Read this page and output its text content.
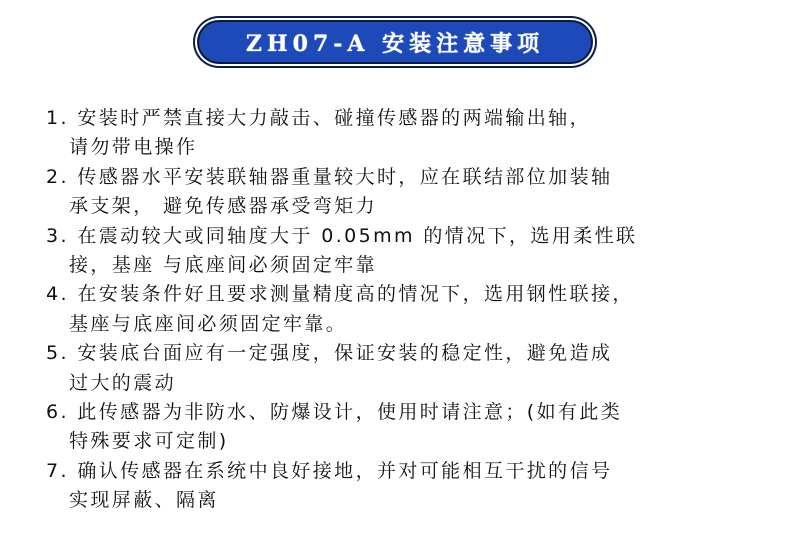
ZH07-A 安装注意事项
1. 安装时严禁直接大力敲击、碰撞传感器的两端输出轴，
请勿带电操作
2. 传感器水平安装联轴器重量较大时，应在联结部位加装轴
承支架， 避免传感器承受弯矩力
3. 在震动较大或同轴度大于 0.05mm 的情况下，选用柔性联
接，基座 与底座间必须固定牢靠
4. 在安装条件好且要求测量精度高的情况下，选用钢性联接，
基座与底座间必须固定牢靠。
5. 安装底台面应有一定强度，保证安装的稳定性，避免造成
过大的震动
6. 此传感器为非防水、防爆设计，使用时请注意；(如有此类
特殊要求可定制)
7. 确认传感器在系统中良好接地，并对可能相互干扰的信号
实现屏蔽、隔离
